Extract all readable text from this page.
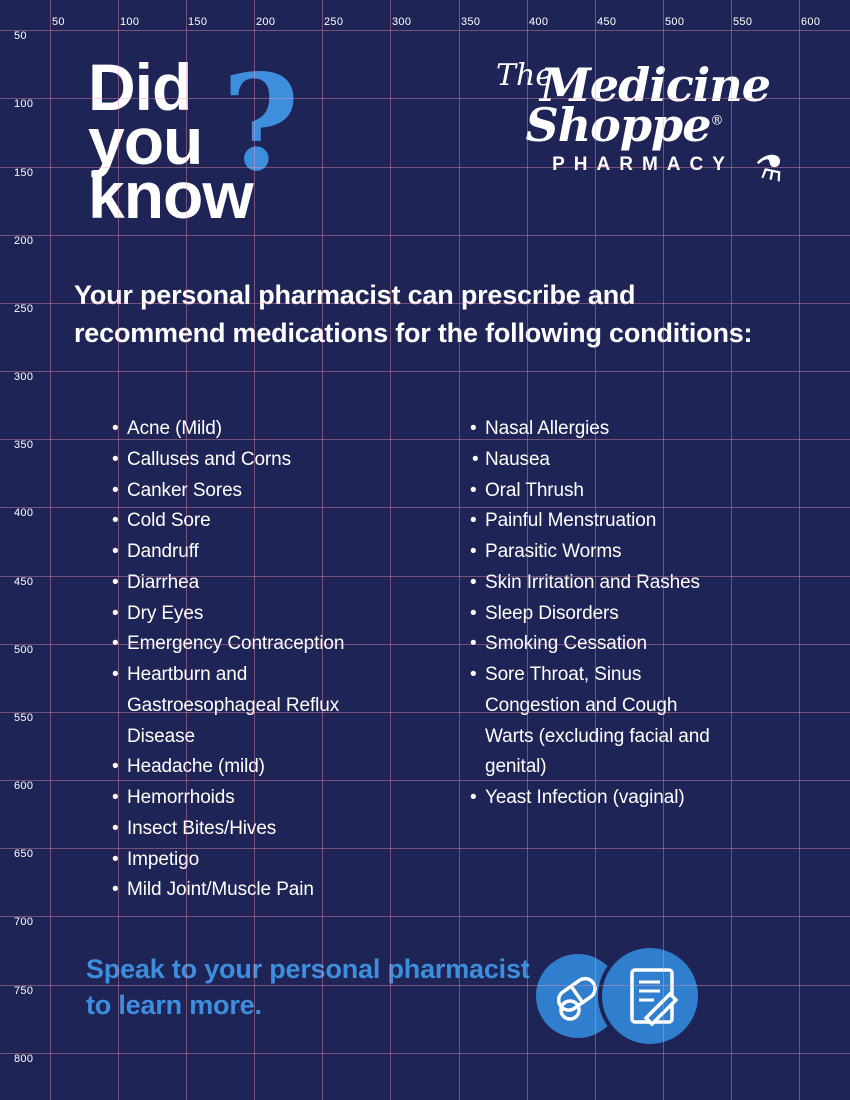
Did
you
know
?	The
Medicine
Shoppe®
PHARMACY ⚗
Your personal pharmacist can prescribe and recommend medications for the following conditions:
• Acne (Mild)
• Calluses and Corns
• Canker Sores
• Cold Sore
• Dandruff
• Diarrhea
• Dry Eyes
• Emergency Contraception
• Heartburn and
Gastroesophageal Reflux
Disease
• Headache (mild)
• Hemorrhoids
• Insect Bites/Hives
• Impetigo
• Mild Joint/Muscle Pain
• Nasal Allergies
• Nausea
• Oral Thrush
• Painful Menstruation
• Parasitic Worms
• Skin Irritation and Rashes
• Sleep Disorders
• Smoking Cessation
• Sore Throat, Sinus
Congestion and Cough
Warts (excluding facial and
genital)
• Yeast Infection (vaginal)
Speak to your personal pharmacist to learn more.
50	100	150	200	250	300	350	400	450	500	550	600
50
100
150
200
250
300
350
400
450
500
550
600
650
700
750
800
